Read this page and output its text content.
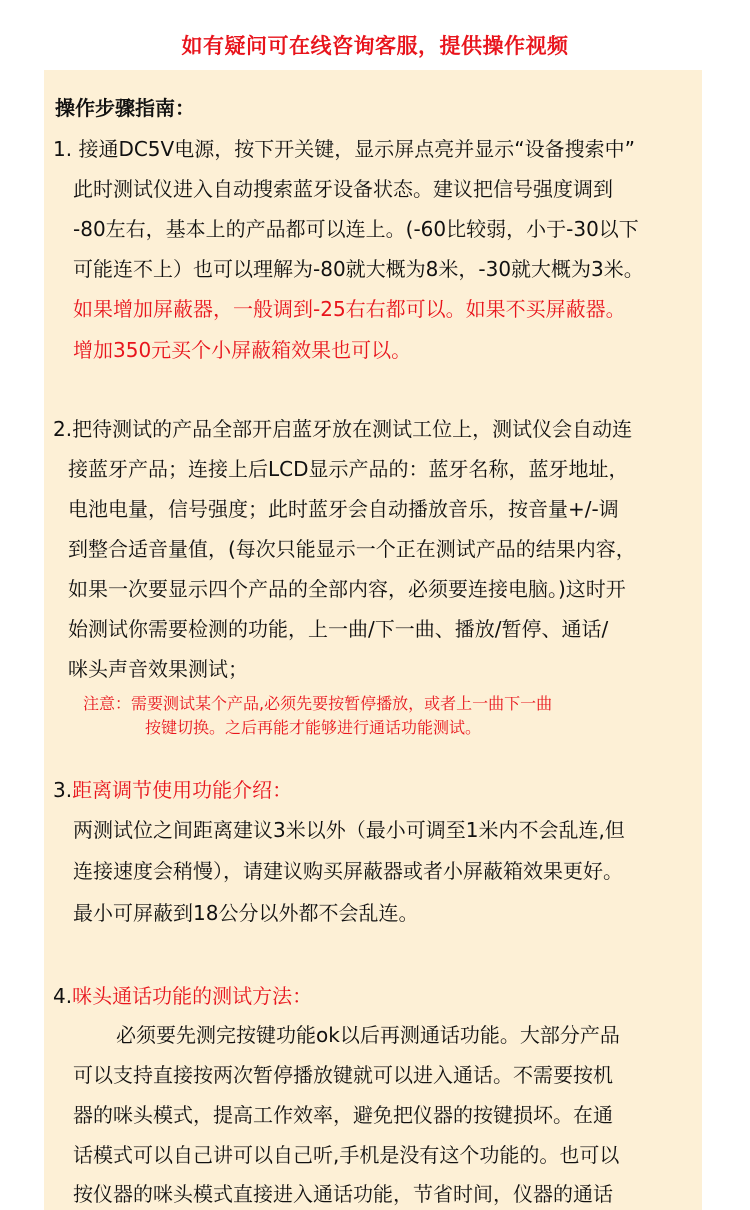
如有疑问可在线咨询客服，提供操作视频
操作步骤指南：
1. 接通DC5V电源，按下开关键，显示屏点亮并显示“设备搜索中”
此时测试仪进入自动搜索蓝牙设备状态。建议把信号强度调到
-80左右，基本上的产品都可以连上。(-60比较弱，小于-30以下
可能连不上）也可以理解为-80就大概为8米，-30就大概为3米。
如果增加屏蔽器，一般调到-25右右都可以。如果不买屏蔽器。
增加350元买个小屏蔽箱效果也可以。
2.把待测试的产品全部开启蓝牙放在测试工位上，测试仪会自动连
接蓝牙产品；连接上后LCD显示产品的：蓝牙名称，蓝牙地址，
电池电量，信号强度；此时蓝牙会自动播放音乐，按音量+/-调
到整合适音量值，(每次只能显示一个正在测试产品的结果内容，
如果一次要显示四个产品的全部内容，必须要连接电脑。)这时开
始测试你需要检测的功能，上一曲/下一曲、播放/暂停、通话/
咪头声音效果测试；
注意：需要测试某个产品,必须先要按暂停播放，或者上一曲下一曲
按键切换。之后再能才能够进行通话功能测试。
3.距离调节使用功能介绍：
两测试位之间距离建议3米以外（最小可调至1米内不会乱连,但
连接速度会稍慢），请建议购买屏蔽器或者小屏蔽箱效果更好。
最小可屏蔽到18公分以外都不会乱连。
4.咪头通话功能的测试方法：
必须要先测完按键功能ok以后再测通话功能。大部分产品
可以支持直接按两次暂停播放键就可以进入通话。不需要按机
器的咪头模式，提高工作效率，避免把仪器的按键损坏。在通
话模式可以自己讲可以自己听,手机是没有这个功能的。也可以
按仪器的咪头模式直接进入通话功能，节省时间，仪器的通话
